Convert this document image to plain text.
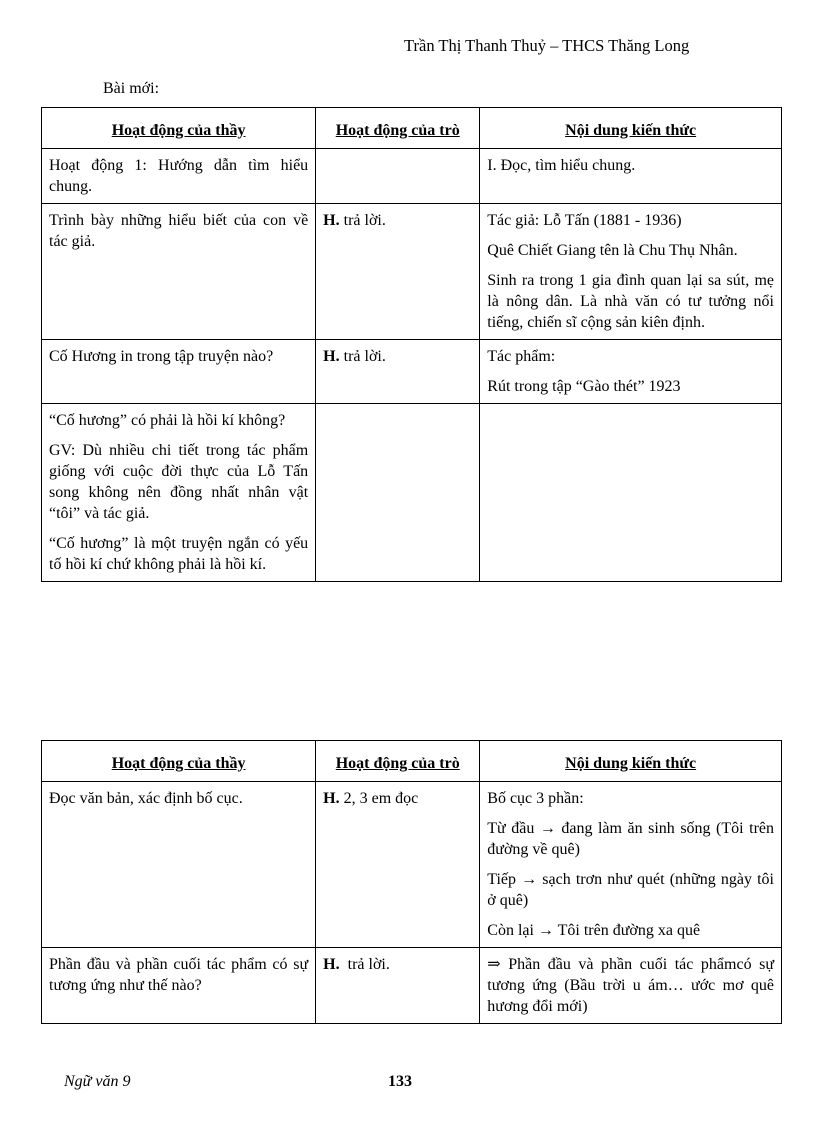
Trần Thị Thanh Thuỷ – THCS Thăng Long
Bài mới:
Hoạt động của thầy	Hoạt động của trò	Nội dung kiến thức

Hoạt động 1: Hướng dẫn tìm hiểu chung.		I. Đọc, tìm hiểu chung.

Trình bày những hiểu biết của con về tác giả.	H. trả lời.	Tác giả: Lỗ Tấn (1881 - 1936)

Quê Chiết Giang tên là Chu Thụ Nhân.

Sinh ra trong 1 gia đình quan lại sa sút, mẹ là nông dân. Là nhà văn có tư tưởng nổi tiếng, chiến sĩ cộng sản kiên định.

Cố Hương in trong tập truyện nào?	H. trả lời.	Tác phẩm:

Rút trong tập “Gào thét” 1923

“Cố hương” có phải là hồi kí không?

GV: Dù nhiều chi tiết trong tác phẩm giống với cuộc đời thực của Lỗ Tấn song không nên đồng nhất nhân vật “tôi” và tác giả.

“Cố hương” là một truyện ngắn có yếu tố hồi kí chứ không phải là hồi kí.		

Hoạt động của thầy	Hoạt động của trò	Nội dung kiến thức

Đọc văn bản, xác định bố cục.	H. 2, 3 em đọc	Bố cục 3 phần:

Từ đầu → đang làm ăn sinh sống (Tôi trên đường về quê)

Tiếp → sạch trơn như quét (những ngày tôi ở quê)

Còn lại → Tôi trên đường xa quê

Phần đầu và phần cuối tác phẩm có sự tương ứng như thế nào?	H.  trả lời.	⇒ Phần đầu và phần cuối tác phẩmcó sự tương ứng (Bầu trời u ám… ước mơ quê hương đổi mới)

Ngữ văn 9	133
